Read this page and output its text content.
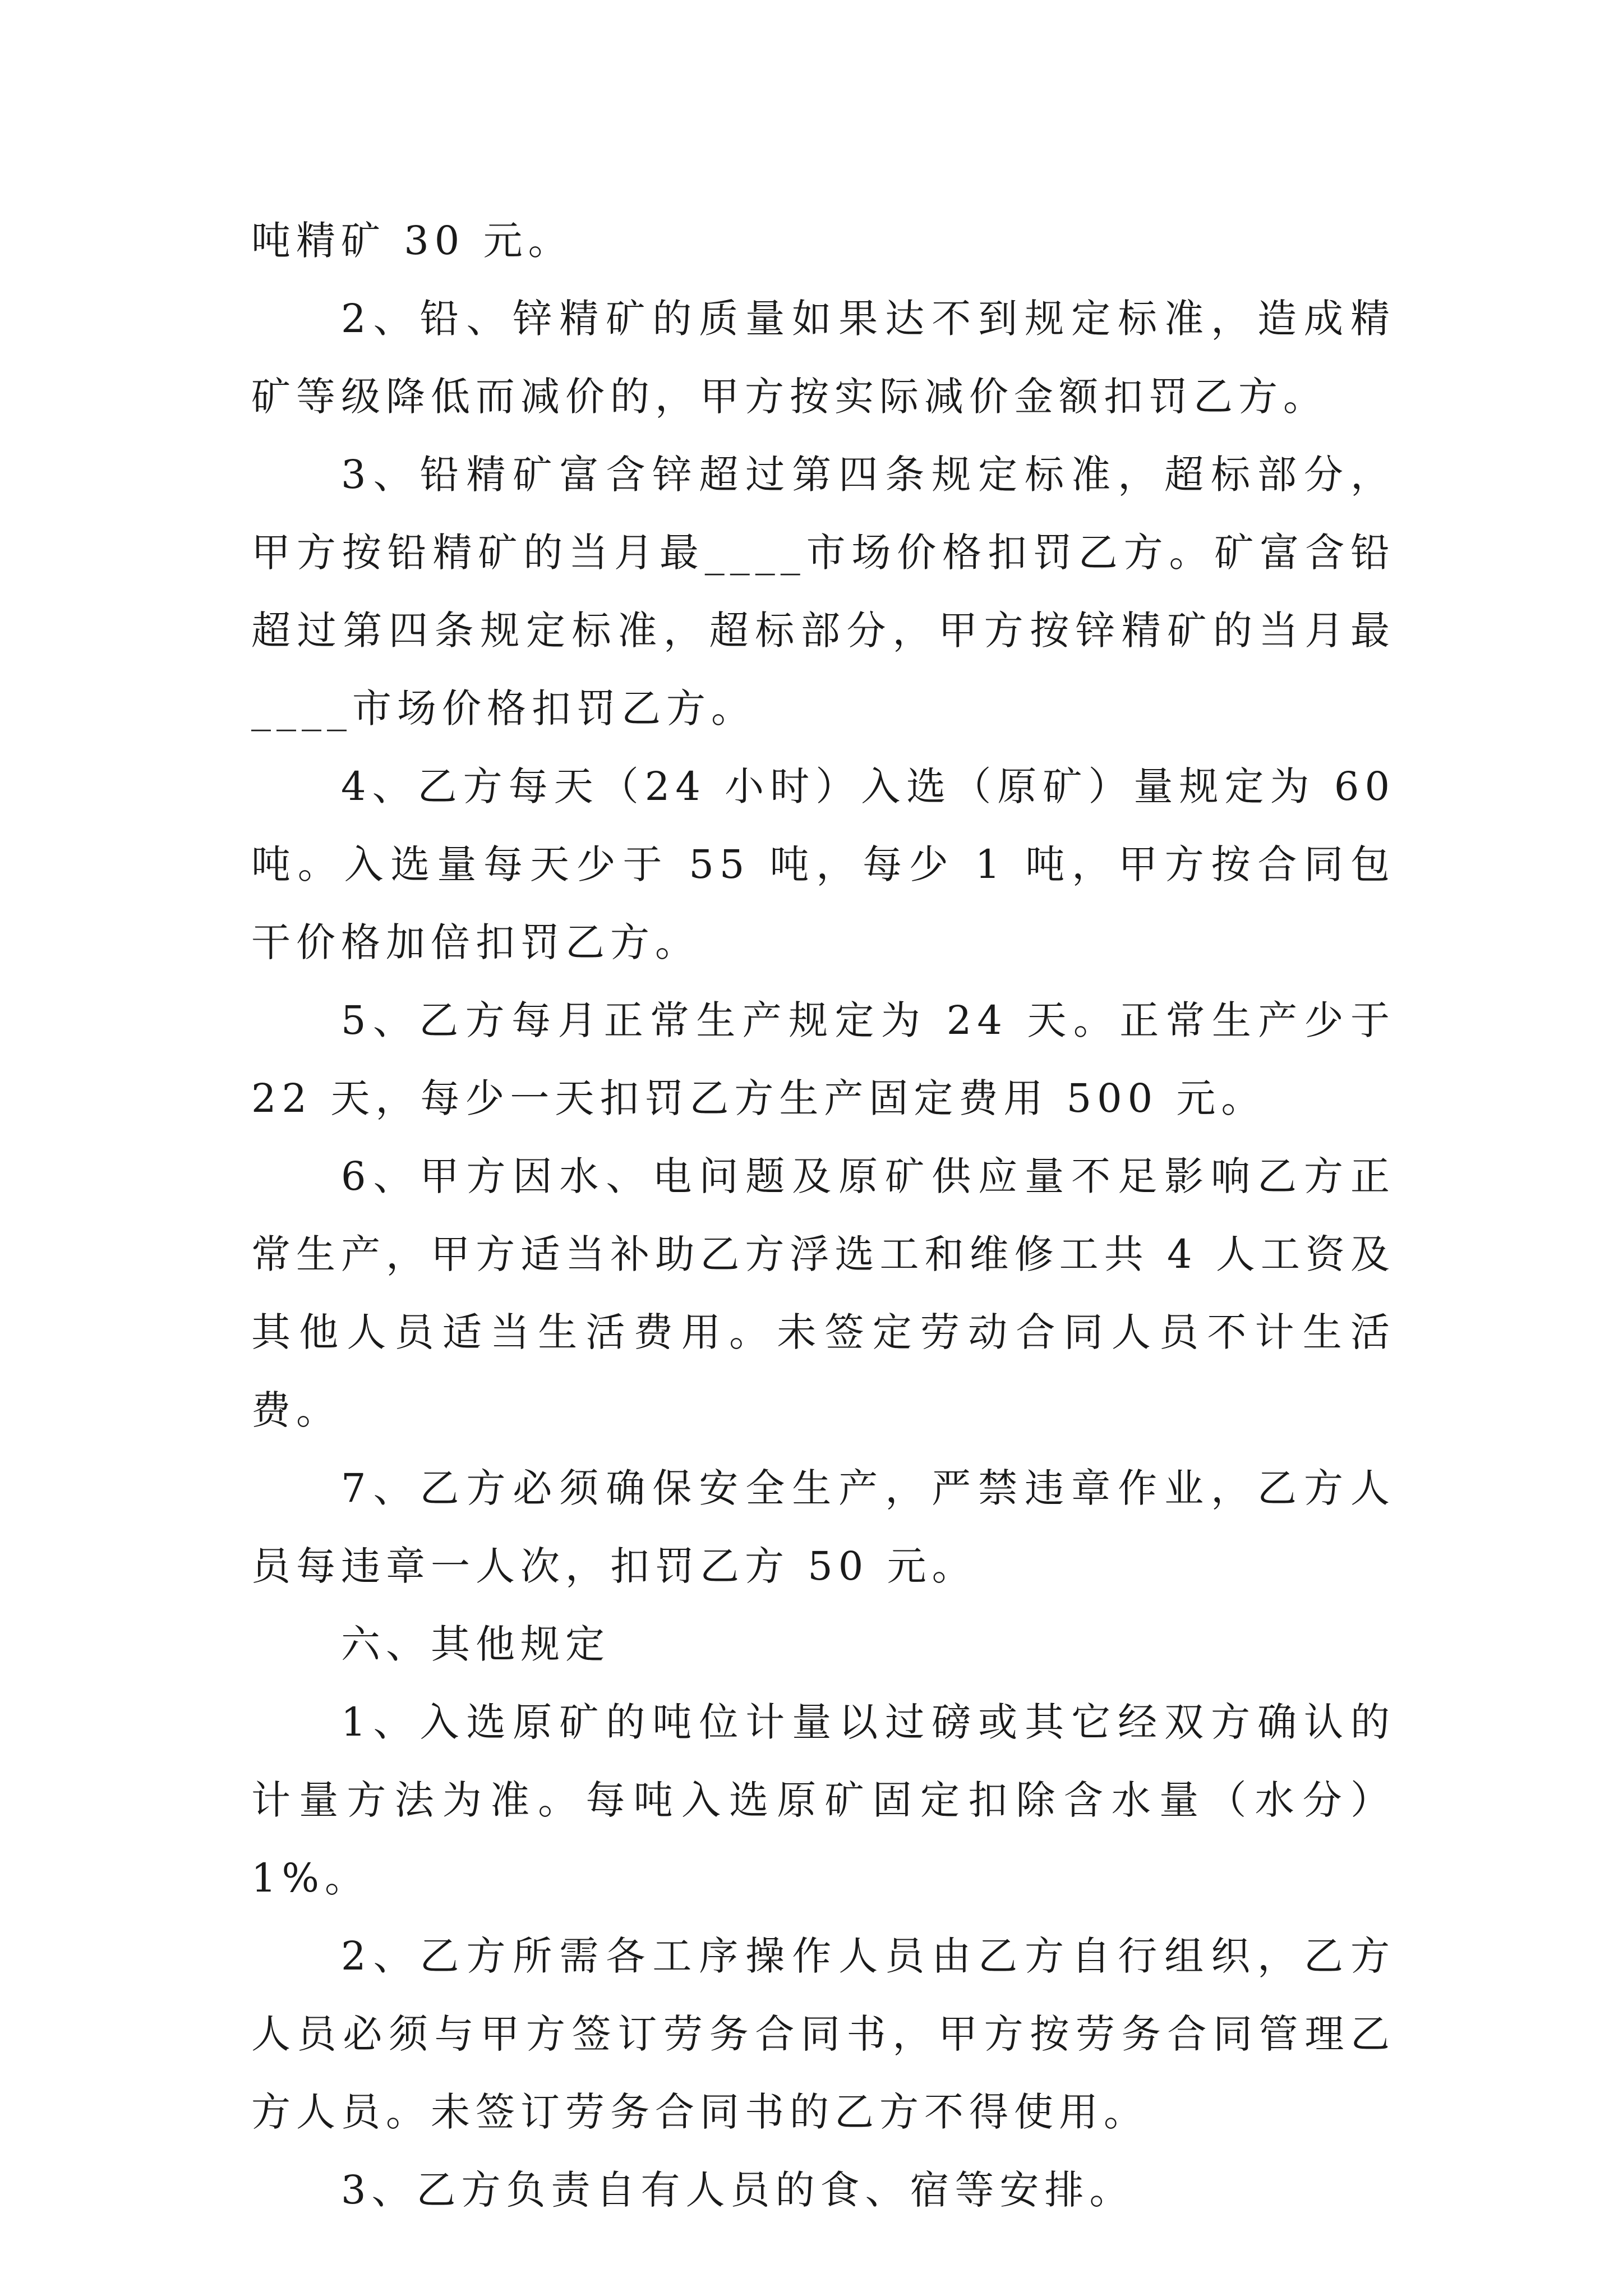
吨精矿 30 元。

2、铅、锌精矿的质量如果达不到规定标准，造成精矿等级降低而减价的，甲方按实际减价金额扣罚乙方。

3、铅精矿富含锌超过第四条规定标准，超标部分，甲方按铅精矿的当月最____市场价格扣罚乙方。矿富含铅超过第四条规定标准，超标部分，甲方按锌精矿的当月最____市场价格扣罚乙方。

4、乙方每天（24 小时）入选（原矿）量规定为 60 吨。入选量每天少于 55 吨，每少 1 吨，甲方按合同包干价格加倍扣罚乙方。

5、乙方每月正常生产规定为 24 天。正常生产少于 22 天，每少一天扣罚乙方生产固定费用 500 元。

6、甲方因水、电问题及原矿供应量不足影响乙方正常生产，甲方适当补助乙方浮选工和维修工共 4 人工资及其他人员适当生活费用。未签定劳动合同人员不计生活费。

7、乙方必须确保安全生产，严禁违章作业，乙方人员每违章一人次，扣罚乙方 50 元。

六、其他规定

1、入选原矿的吨位计量以过磅或其它经双方确认的计量方法为准。每吨入选原矿固定扣除含水量（水分）1%。

2、乙方所需各工序操作人员由乙方自行组织，乙方人员必须与甲方签订劳务合同书，甲方按劳务合同管理乙方人员。未签订劳务合同书的乙方不得使用。

3、乙方负责自有人员的食、宿等安排。
